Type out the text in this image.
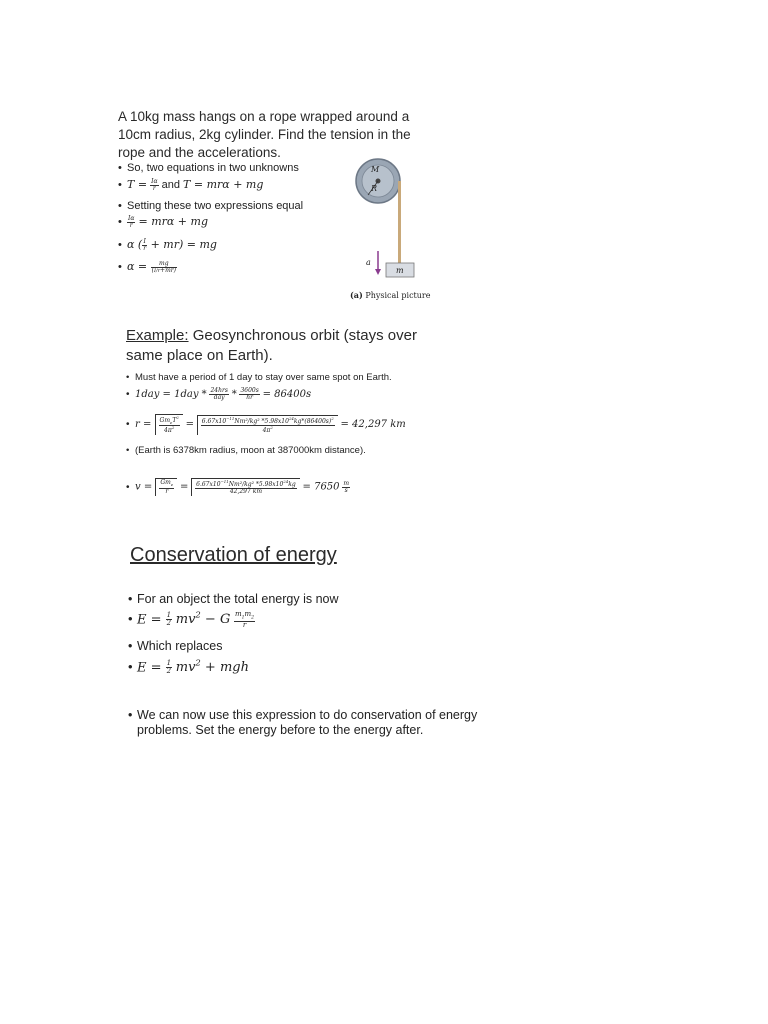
A 10kg mass hangs on a rope wrapped around a 10cm radius, 2kg cylinder. Find the tension in the rope and the accelerations.
• So, two equations in two unknowns
• $T = \frac{I\alpha}{r}$ and T = mrα + mg
• Setting these two expressions equal
• $\frac{I\alpha}{r} = mr\alpha$ + mg
• α ( $\frac{I}{r} + mr$) = mg
• $\alpha = \frac{mg}{(I/r+mr)}$
M
R
a
m
(a) Physical picture
Example: Geosynchronous orbit (stays over same place on Earth).
• Must have a period of 1 day to stay over same spot on Earth.
• $1day = 1day * \frac{\text{24hrs}}{\text{day}} * \frac{3600s}{hr} = 86400s$
• $r = \frac{Gm_eT^2}{4\pi^2} = \frac{6.67x10^{-11}Nm^2/kg^2 *5.98x10^{24}kg*(86400s)^2}{4\pi^2} = 42,297$ km
• (Earth is 6378km radius, moon at 387000km distance).
• $v = \frac{Gm_e}{r} = \frac{6.67x10^{-11}Nm^2/kg^2 *5.98x10^{24}kg}{42,297 km} = 7650 \frac{m}{s}$
Conservation of energy
• For an object the total energy is now
• $E = \frac{1}{2} mv^2 - G \frac{m_1m_2}{r}$
• Which replaces
• $E = \frac{1}{2} mv^2$ + mgh
• We can now use this expression to do conservation of energy problems. Set the energy before to the energy after.
